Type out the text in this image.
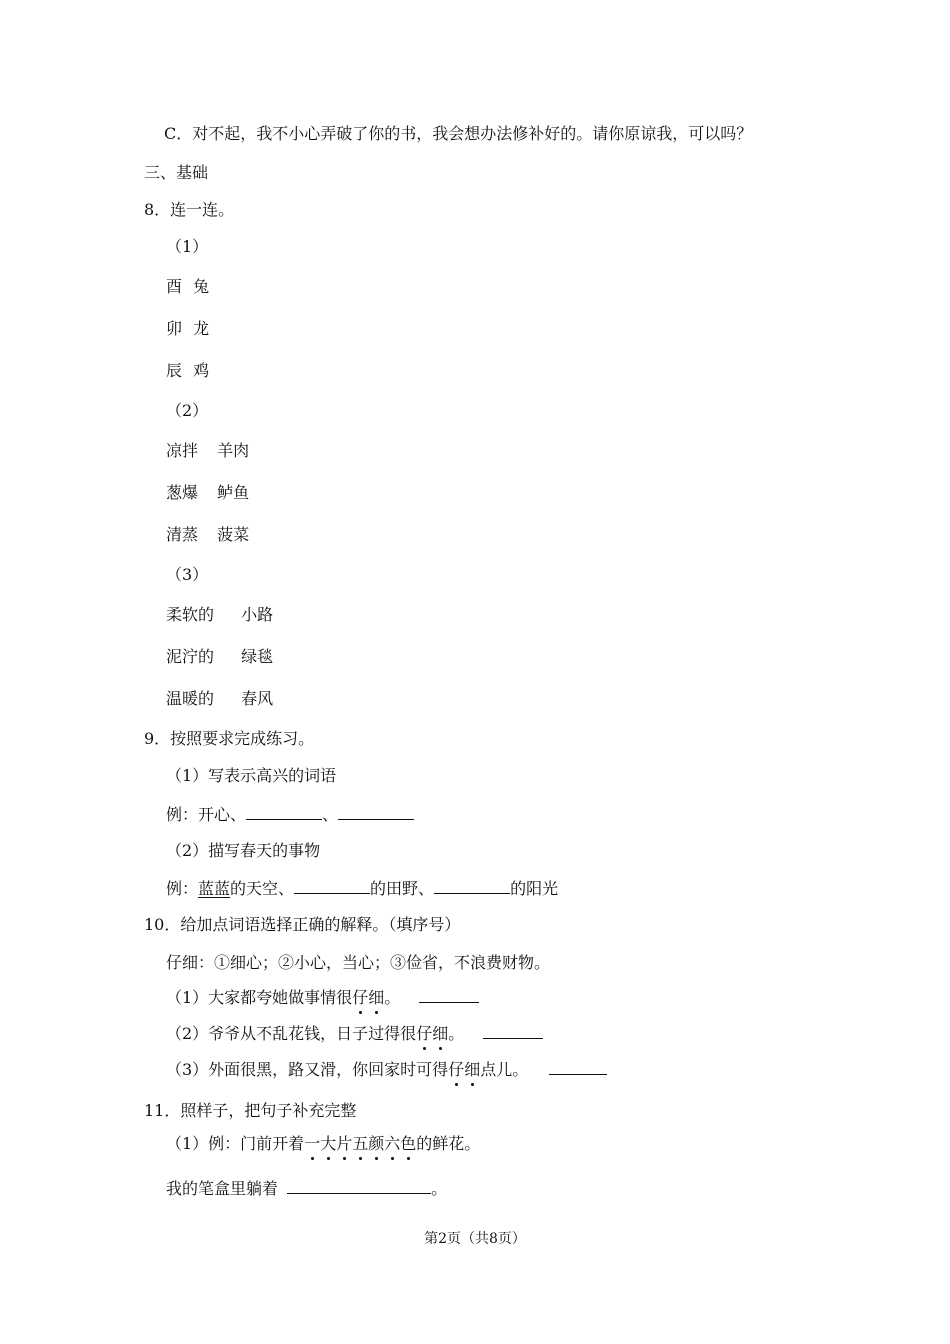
C．对不起，我不小心弄破了你的书，我会想办法修补好的。请你原谅我，可以吗？
三、基础
8．连一连。
（1）
酉 兔
卯 龙
辰 鸡
（2）
凉拌 羊肉
葱爆 鲈鱼
清蒸 菠菜
（3）
柔软的 小路
泥泞的 绿毯
温暖的 春风
9．按照要求完成练习。
（1）写表示高兴的词语
例：开心、	、
（2）描写春天的事物
例：蓝蓝的天空、	的田野、	的阳光
10．给加点词语选择正确的解释。（填序号）
仔细：①细心；②小心，当心；③俭省，不浪费财物。
（1）大家都夸她做事情很仔细。
（2）爷爷从不乱花钱，日子过得很仔细。
（3）外面很黑，路又滑，你回家时可得仔细点儿。
11．照样子，把句子补充完整
（1）例：门前开着一大片五颜六色的鲜花。
我的笔盒里躺着	。
第2页（共8页）
